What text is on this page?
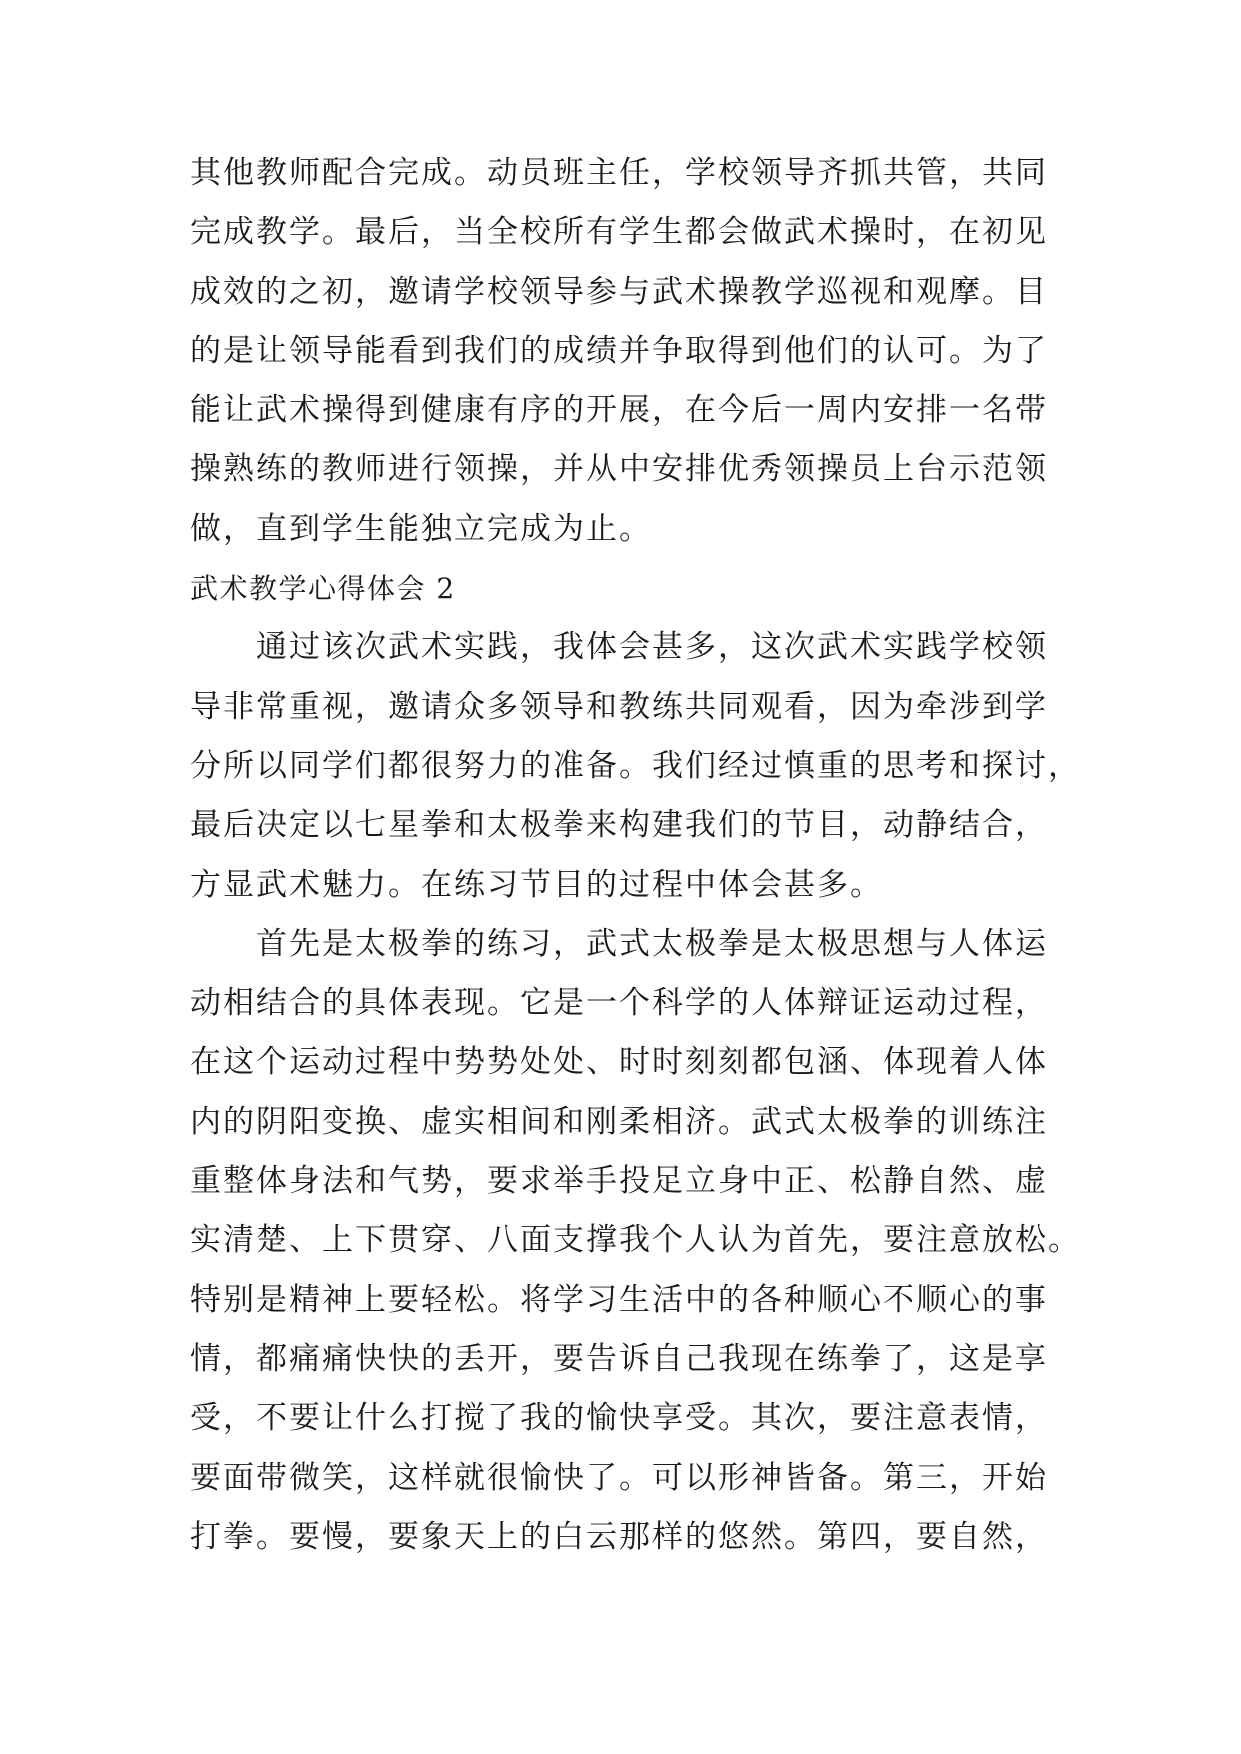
其他教师配合完成。动员班主任，学校领导齐抓共管，共同
完成教学。最后，当全校所有学生都会做武术操时，在初见
成效的之初，邀请学校领导参与武术操教学巡视和观摩。目
的是让领导能看到我们的成绩并争取得到他们的认可。为了
能让武术操得到健康有序的开展，在今后一周内安排一名带
操熟练的教师进行领操，并从中安排优秀领操员上台示范领
做，直到学生能独立完成为止。
武术教学心得体会 2
　　通过该次武术实践，我体会甚多，这次武术实践学校领
导非常重视，邀请众多领导和教练共同观看，因为牵涉到学
分所以同学们都很努力的准备。我们经过慎重的思考和探讨，
最后决定以七星拳和太极拳来构建我们的节目，动静结合，
方显武术魅力。在练习节目的过程中体会甚多。
　　首先是太极拳的练习，武式太极拳是太极思想与人体运
动相结合的具体表现。它是一个科学的人体辩证运动过程，
在这个运动过程中势势处处、时时刻刻都包涵、体现着人体
内的阴阳变换、虚实相间和刚柔相济。武式太极拳的训练注
重整体身法和气势，要求举手投足立身中正、松静自然、虚
实清楚、上下贯穿、八面支撑我个人认为首先，要注意放松。
特别是精神上要轻松。将学习生活中的各种顺心不顺心的事
情，都痛痛快快的丢开，要告诉自己我现在练拳了，这是享
受，不要让什么打搅了我的愉快享受。其次，要注意表情，
要面带微笑，这样就很愉快了。可以形神皆备。第三，开始
打拳。要慢，要象天上的白云那样的悠然。第四，要自然，
